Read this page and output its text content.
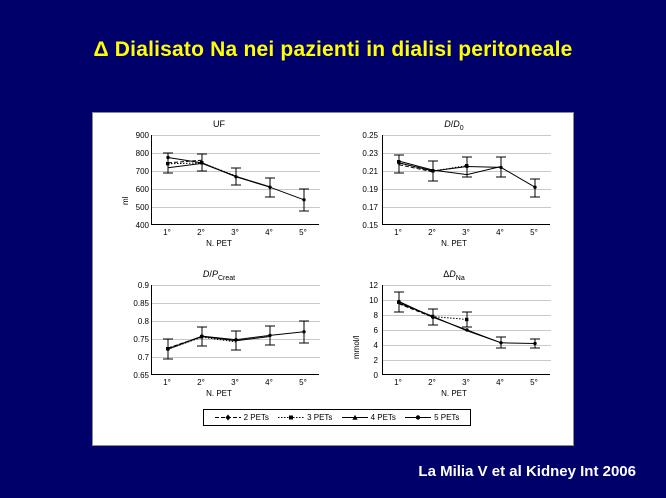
Δ Dialisato Na nei pazienti in dialisi peritoneale
UF
ml
900
800
700
600
500
400
1°	2°	3°	4°	5°
N. PET
$D/D_0$
0.25
0.23
0.21
0.19
0.17
0.15
1°	2°	3°	4°	5°
N. PET
$D/P_{Creat}$
0.9
0.85
0.8
0.75
0.7
0.65
1°	2°	3°	4°	5°
N. PET
$\Delta D_{Na}$
mmol/l
12
10
8
6
4
2
0
1°	2°	3°	4°	5°
N. PET
2 PETs	3 PETs	4 PETs	5 PETs
La Milia V et al Kidney Int 2006
